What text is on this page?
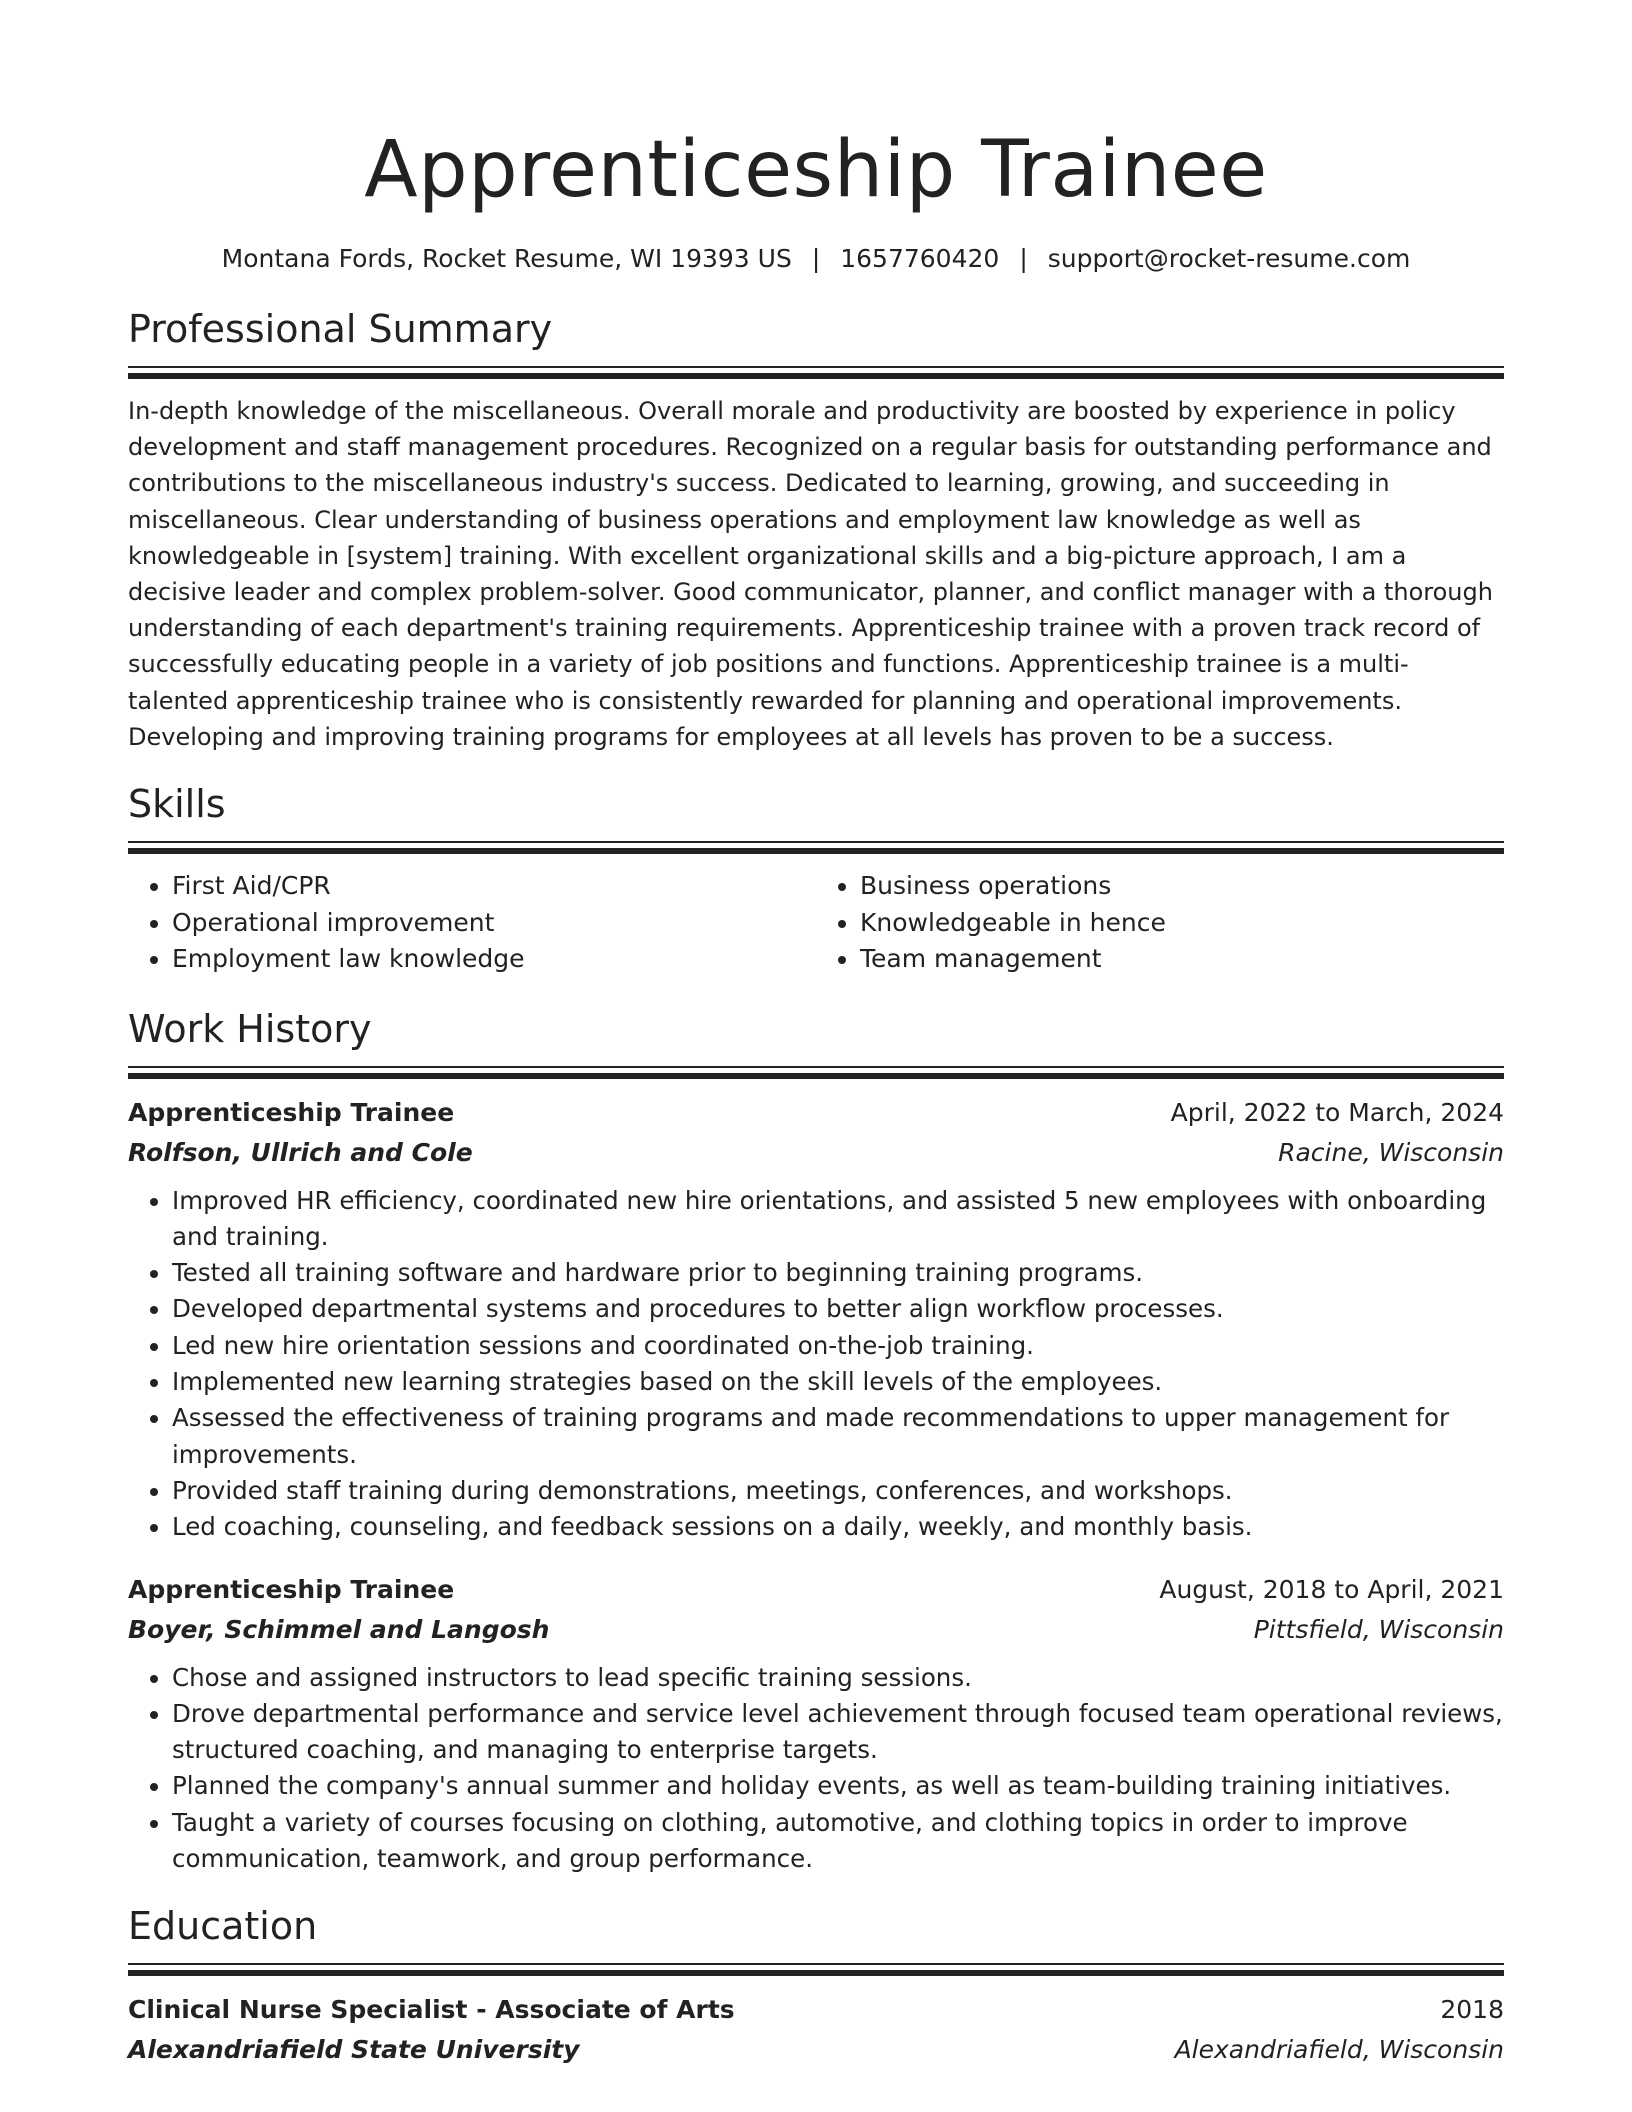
Apprenticeship Trainee
Montana Fords, Rocket Resume, WI 19393 US | 1657760420 | support@rocket-resume.com
Professional Summary

In-depth knowledge of the miscellaneous. Overall morale and productivity are boosted by experience in policy development and staff management procedures. Recognized on a regular basis for outstanding performance and contributions to the miscellaneous industry's success. Dedicated to learning, growing, and succeeding in miscellaneous. Clear understanding of business operations and employment law knowledge as well as knowledgeable in [system] training. With excellent organizational skills and a big-picture approach, I am a decisive leader and complex problem-solver. Good communicator, planner, and conflict manager with a thorough understanding of each department's training requirements. Apprenticeship trainee with a proven track record of successfully educating people in a variety of job positions and functions. Apprenticeship trainee is a multi-talented apprenticeship trainee who is consistently rewarded for planning and operational improvements. Developing and improving training programs for employees at all levels has proven to be a success.

Skills
• First Aid/CPR
• Operational improvement
• Employment law knowledge
• Business operations
• Knowledgeable in hence
• Team management
Work History
Apprenticeship Trainee	April, 2022 to March, 2024
Rolfson, Ullrich and Cole	Racine, Wisconsin
• Improved HR efficiency, coordinated new hire orientations, and assisted 5 new employees with onboarding and training.
• Tested all training software and hardware prior to beginning training programs.
• Developed departmental systems and procedures to better align workflow processes.
• Led new hire orientation sessions and coordinated on-the-job training.
• Implemented new learning strategies based on the skill levels of the employees.
• Assessed the effectiveness of training programs and made recommendations to upper management for improvements.
• Provided staff training during demonstrations, meetings, conferences, and workshops.
• Led coaching, counseling, and feedback sessions on a daily, weekly, and monthly basis.
Apprenticeship Trainee	August, 2018 to April, 2021
Boyer, Schimmel and Langosh	Pittsfield, Wisconsin
• Chose and assigned instructors to lead specific training sessions.
• Drove departmental performance and service level achievement through focused team operational reviews, structured coaching, and managing to enterprise targets.
• Planned the company's annual summer and holiday events, as well as team-building training initiatives.
• Taught a variety of courses focusing on clothing, automotive, and clothing topics in order to improve communication, teamwork, and group performance.
Education
Clinical Nurse Specialist - Associate of Arts	2018
Alexandriafield State University	Alexandriafield, Wisconsin
